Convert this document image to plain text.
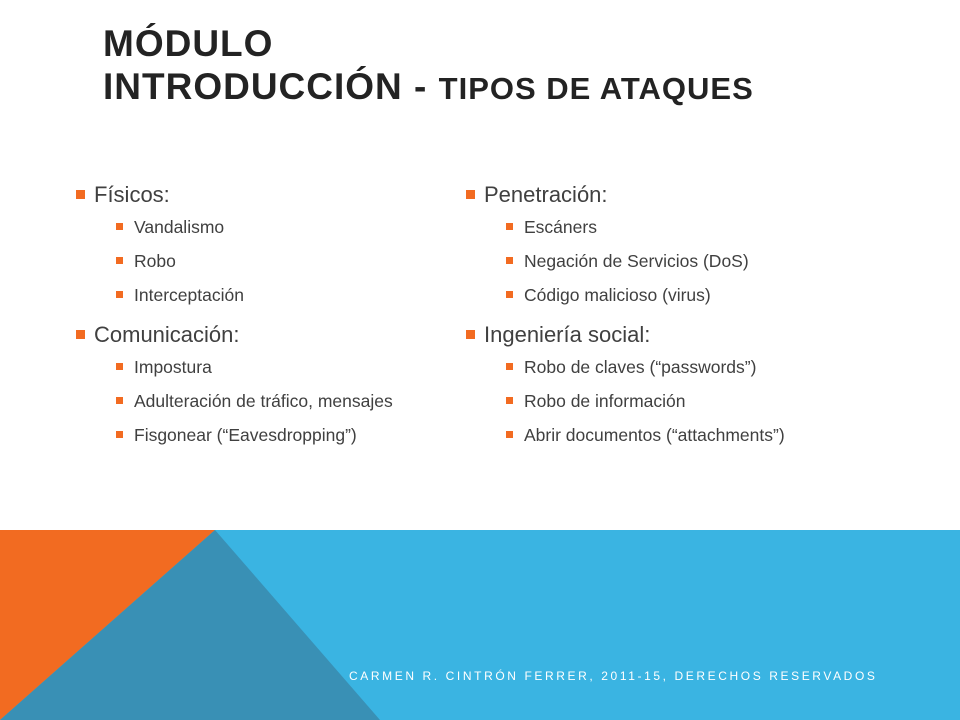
MÓDULO
INTRODUCCIÓN - TIPOS DE ATAQUES
Físicos:
Vandalismo
Robo
Interceptación
Comunicación:
Impostura
Adulteración de tráfico, mensajes
Fisgonear (“Eavesdropping”)
Penetración:
Escáners
Negación de Servicios (DoS)
Código malicioso (virus)
Ingeniería social:
Robo de claves (“passwords”)
Robo de información
Abrir documentos (“attachments”)
CARMEN R. CINTRÓN FERRER, 2011-15, DERECHOS RESERVADOS
